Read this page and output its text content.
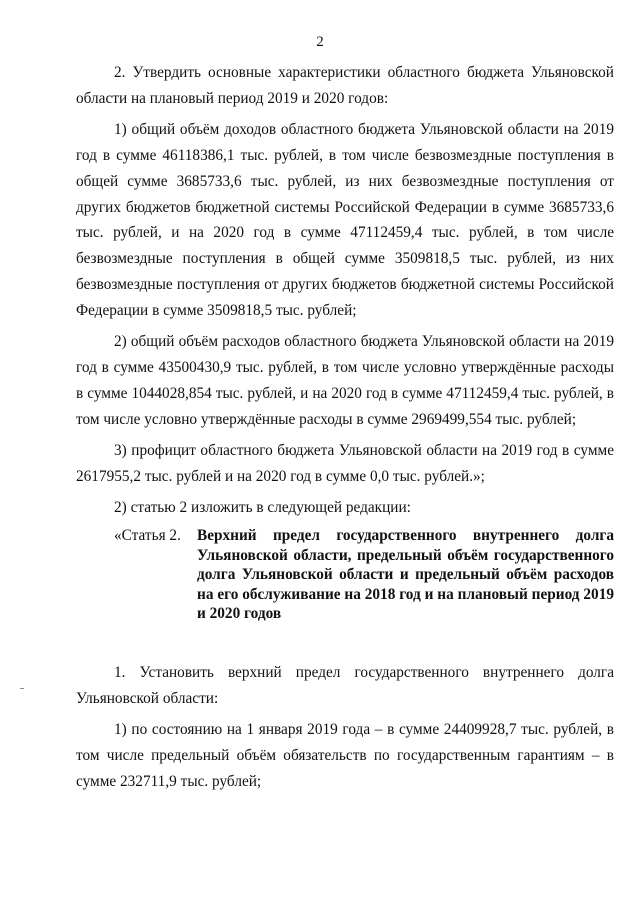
2

2. Утвердить основные характеристики областного бюджета Ульяновской области на плановый период 2019 и 2020 годов:

1) общий объём доходов областного бюджета Ульяновской области на 2019 год в сумме 46118386,1 тыс. рублей, в том числе безвозмездные поступления в общей сумме 3685733,6 тыс. рублей, из них безвозмездные поступления от других бюджетов бюджетной системы Российской Федерации в сумме 3685733,6 тыс. рублей, и на 2020 год в сумме 47112459,4 тыс. рублей, в том числе безвозмездные поступления в общей сумме 3509818,5 тыс. рублей, из них безвозмездные поступления от других бюджетов бюджетной системы Российской Федерации в сумме 3509818,5 тыс. рублей;

2) общий объём расходов областного бюджета Ульяновской области на 2019 год в сумме 43500430,9 тыс. рублей, в том числе условно утверждённые расходы в сумме 1044028,854 тыс. рублей, и на 2020 год в сумме 47112459,4 тыс. рублей, в том числе условно утверждённые расходы в сумме 2969499,554 тыс. рублей;

3) профицит областного бюджета Ульяновской области на 2019 год в сумме 2617955,2 тыс. рублей и на 2020 год в сумме 0,0 тыс. рублей.»;

2) статью 2 изложить в следующей редакции:

«Статья 2. Верхний предел государственного внутреннего долга Ульяновской области, предельный объём государственного долга Ульяновской области и предельный объём расходов на его обслуживание на 2018 год и на плановый период 2019 и 2020 годов

1. Установить верхний предел государственного внутреннего долга Ульяновской области:

1) по состоянию на 1 января 2019 года – в сумме 24409928,7 тыс. рублей, в том числе предельный объём обязательств по государственным гарантиям – в сумме 232711,9 тыс. рублей;
